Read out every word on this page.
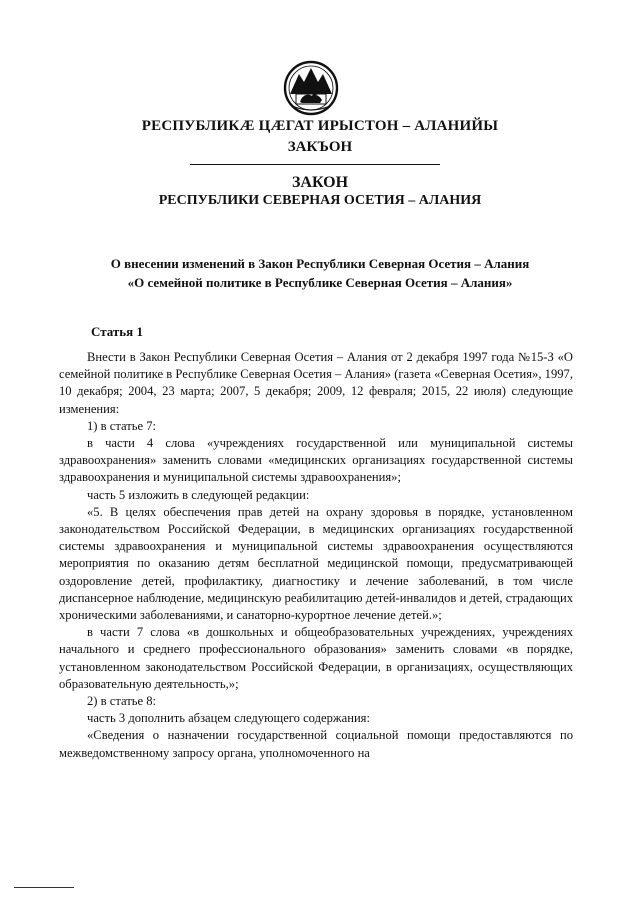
РЕСПУБЛИКÆ ЦÆГАТ ИРЫСТОН – АЛАНИЙЫ
ЗАКЪОН
ЗАКОН
РЕСПУБЛИКИ СЕВЕРНАЯ ОСЕТИЯ – АЛАНИЯ
О внесении изменений в Закон Республики Северная Осетия – Алания
«О семейной политике в Республике Северная Осетия – Алания»
Статья 1

Внести в Закон Республики Северная Осетия – Алания от 2 декабря 1997 года №15-З «О семейной политике в Республике Северная Осетия – Алания» (газета «Северная Осетия», 1997, 10 декабря; 2004, 23 марта; 2007, 5 декабря; 2009, 12 февраля; 2015, 22 июля) следующие изменения:

1) в статье 7:

в части 4 слова «учреждениях государственной или муниципальной системы здравоохранения» заменить словами «медицинских организациях государственной системы здравоохранения и муниципальной системы здравоохранения»;

часть 5 изложить в следующей редакции:

«5. В целях обеспечения прав детей на охрану здоровья в порядке, установленном законодательством Российской Федерации, в медицинских организациях государственной системы здравоохранения и муниципальной системы здравоохранения осуществляются мероприятия по оказанию детям бесплатной медицинской помощи, предусматривающей оздоровление детей, профилактику, диагностику и лечение заболеваний, в том числе диспансерное наблюдение, медицинскую реабилитацию детей-инвалидов и детей, страдающих хроническими заболеваниями, и санаторно-курортное лечение детей.»;

в части 7 слова «в дошкольных и общеобразовательных учреждениях, учреждениях начального и среднего профессионального образования» заменить словами «в порядке, установленном законодательством Российской Федерации, в организациях, осуществляющих образовательную деятельность,»;

2) в статье 8:

часть 3 дополнить абзацем следующего содержания:

«Сведения о назначении государственной социальной помощи предоставляются по межведомственному запросу органа, уполномоченного на
